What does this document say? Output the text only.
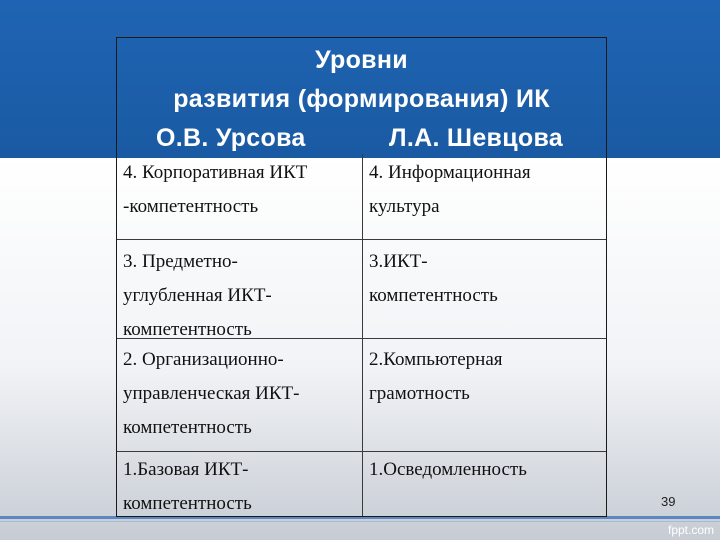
Уровни
развития (формирования) ИК
О.В. Урсова	Л.А. Шевцова
4. Корпоративная ИКТ
-компетентность
4. Информационная
культура
3. Предметно-
углубленная ИКТ-
компетентность
3.ИКТ-
компетентность
2. Организационно-
управленческая ИКТ-
компетентность
2.Компьютерная
грамотность
1.Базовая ИКТ-
компетентность
1.Осведомленность
39
fppt.com
